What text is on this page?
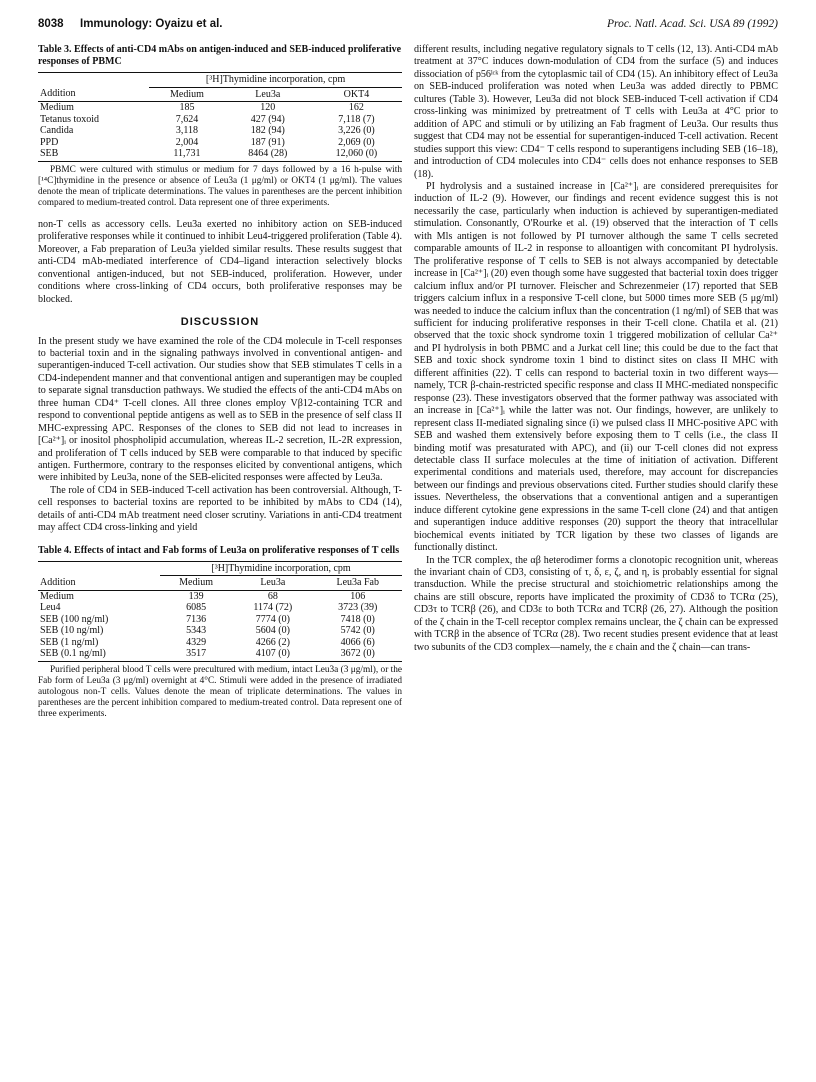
8038 Immunology: Oyaizu et al.	Proc. Natl. Acad. Sci. USA 89 (1992)

Table 3. Effects of anti-CD4 mAbs on antigen-induced and SEB-induced proliferative responses of PBMC

	[³H]Thymidine incorporation, cpm		
Addition	Medium	Leu3a	OKT4
Medium	185	120	162
Tetanus toxoid	7,624	427 (94)	7,118 (7)
Candida	3,118	182 (94)	3,226 (0)
PPD	2,004	187 (91)	2,069 (0)
SEB	11,731	8464 (28)	12,060 (0)

PBMC were cultured with stimulus or medium for 7 days followed by a 16 h-pulse with [¹⁴C]thymidine in the presence or absence of Leu3a (1 μg/ml) or OKT4 (1 μg/ml). The values denote the mean of triplicate determinations. The values in parentheses are the percent inhibition compared to medium-treated control. Data represent one of three experiments.

non-T cells as accessory cells. Leu3a exerted no inhibitory action on SEB-induced proliferative responses while it continued to inhibit Leu4-triggered proliferation (Table 4). Moreover, a Fab preparation of Leu3a yielded similar results. These results suggest that anti-CD4 mAb-mediated interference of CD4–ligand interaction selectively blocks conventional antigen-induced, but not SEB-induced, proliferation. However, under conditions where cross-linking of CD4 occurs, both proliferative responses may be blocked.

DISCUSSION

In the present study we have examined the role of the CD4 molecule in T-cell responses to bacterial toxin and in the signaling pathways involved in conventional antigen- and superantigen-induced T-cell activation. Our studies show that SEB stimulates T cells in a CD4-independent manner and that conventional antigen and superantigen may be coupled to separate signal transduction pathways. We studied the effects of the anti-CD4 mAbs on three human CD4⁺ T-cell clones. All three clones employ Vβ12-containing TCR and respond to conventional peptide antigens as well as to SEB in the presence of self class II MHC-expressing APC. Responses of the clones to SEB did not lead to increases in [Ca²⁺]ᵢ or inositol phospholipid accumulation, whereas IL-2 secretion, IL-2R expression, and proliferation of T cells induced by SEB were comparable to that induced by specific antigen. Furthermore, contrary to the responses elicited by conventional antigens, which were inhibited by Leu3a, none of the SEB-elicited responses were affected by Leu3a.

The role of CD4 in SEB-induced T-cell activation has been controversial. Although, T-cell responses to bacterial toxins are reported to be inhibited by mAbs to CD4 (14), details of anti-CD4 mAb treatment need closer scrutiny. Variations in anti-CD4 treatment may affect CD4 cross-linking and yield

Table 4. Effects of intact and Fab forms of Leu3a on proliferative responses of T cells

	[³H]Thymidine incorporation, cpm		
Addition	Medium	Leu3a	Leu3a Fab
Medium	139	68	106
Leu4	6085	1174 (72)	3723 (39)
SEB (100 ng/ml)	7136	7774 (0)	7418 (0)
SEB (10 ng/ml)	5343	5604 (0)	5742 (0)
SEB (1 ng/ml)	4329	4266 (2)	4066 (6)
SEB (0.1 ng/ml)	3517	4107 (0)	3672 (0)

Purified peripheral blood T cells were precultured with medium, intact Leu3a (3 μg/ml), or the Fab form of Leu3a (3 μg/ml) overnight at 4°C. Stimuli were added in the presence of irradiated autologous non-T cells. Values denote the mean of triplicate determinations. The values in parentheses are the percent inhibition compared to medium-treated control. Data represent one of three experiments.

different results, including negative regulatory signals to T cells (12, 13). Anti-CD4 mAb treatment at 37°C induces down-modulation of CD4 from the surface (5) and induces dissociation of p56ˡᶜᵏ from the cytoplasmic tail of CD4 (15). An inhibitory effect of Leu3a on SEB-induced proliferation was noted when Leu3a was added directly to PBMC cultures (Table 3). However, Leu3a did not block SEB-induced T-cell activation if CD4 cross-linking was minimized by pretreatment of T cells with Leu3a at 4°C prior to addition of APC and stimuli or by utilizing an Fab fragment of Leu3a. Our results thus suggest that CD4 may not be essential for superantigen-induced T-cell activation. Recent studies support this view: CD4⁻ T cells respond to superantigens including SEB (16–18), and introduction of CD4 molecules into CD4⁻ cells does not enhance responses to SEB (18).

PI hydrolysis and a sustained increase in [Ca²⁺]ᵢ are considered prerequisites for induction of IL-2 (9). However, our findings and recent evidence suggest this is not necessarily the case, particularly when induction is achieved by superantigen-mediated stimulation. Consonantly, O'Rourke et al. (19) observed that the interaction of T cells with Mls antigen is not followed by PI turnover although the same T cells secreted comparable amounts of IL-2 in response to alloantigen with concomitant PI hydrolysis. The proliferative response of T cells to SEB is not always accompanied by detectable increase in [Ca²⁺]ᵢ (20) even though some have suggested that bacterial toxin does trigger calcium influx and/or PI turnover. Fleischer and Schrezenmeier (17) reported that SEB triggers calcium influx in a responsive T-cell clone, but 5000 times more SEB (5 μg/ml) was needed to induce the calcium influx than the concentration (1 ng/ml) of SEB that was sufficient for inducing proliferative responses in their T-cell clone. Chatila et al. (21) observed that the toxic shock syndrome toxin 1 triggered mobilization of cellular Ca²⁺ and PI hydrolysis in both PBMC and a Jurkat cell line; this could be due to the fact that SEB and toxic shock syndrome toxin 1 bind to distinct sites on class II MHC with different affinities (22). T cells can respond to bacterial toxin in two different ways—namely, TCR β-chain-restricted specific response and class II MHC-mediated nonspecific response (23). These investigators observed that the former pathway was associated with an increase in [Ca²⁺]ᵢ while the latter was not. Our findings, however, are unlikely to represent class II-mediated signaling since (i) we pulsed class II MHC-positive APC with SEB and washed them extensively before exposing them to T cells (i.e., the class II binding motif was presaturated with APC), and (ii) our T-cell clones did not express detectable class II surface molecules at the time of initiation of activation. Different experimental conditions and materials used, therefore, may account for discrepancies between our findings and previous observations cited. Further studies should clarify these issues. Nevertheless, the observations that a conventional antigen and a superantigen induce different cytokine gene expressions in the same T-cell clone (24) and that antigen and superantigen induce additive responses (20) support the theory that intracellular biochemical events initiated by TCR ligation by these two classes of ligands are functionally distinct.

In the TCR complex, the αβ heterodimer forms a clonotopic recognition unit, whereas the invariant chain of CD3, consisting of τ, δ, ε, ζ, and η, is probably essential for signal transduction. While the precise structural and stoichiometric relationships among the chains are still obscure, reports have implicated the proximity of CD3δ to TCRα (25), CD3τ to TCRβ (26), and CD3ε to both TCRα and TCRβ (26, 27). Although the position of the ζ chain in the T-cell receptor complex remains unclear, the ζ chain can be expressed with TCRβ in the absence of TCRα (28). Two recent studies present evidence that at least two subunits of the CD3 complex—namely, the ε chain and the ζ chain—can trans-
